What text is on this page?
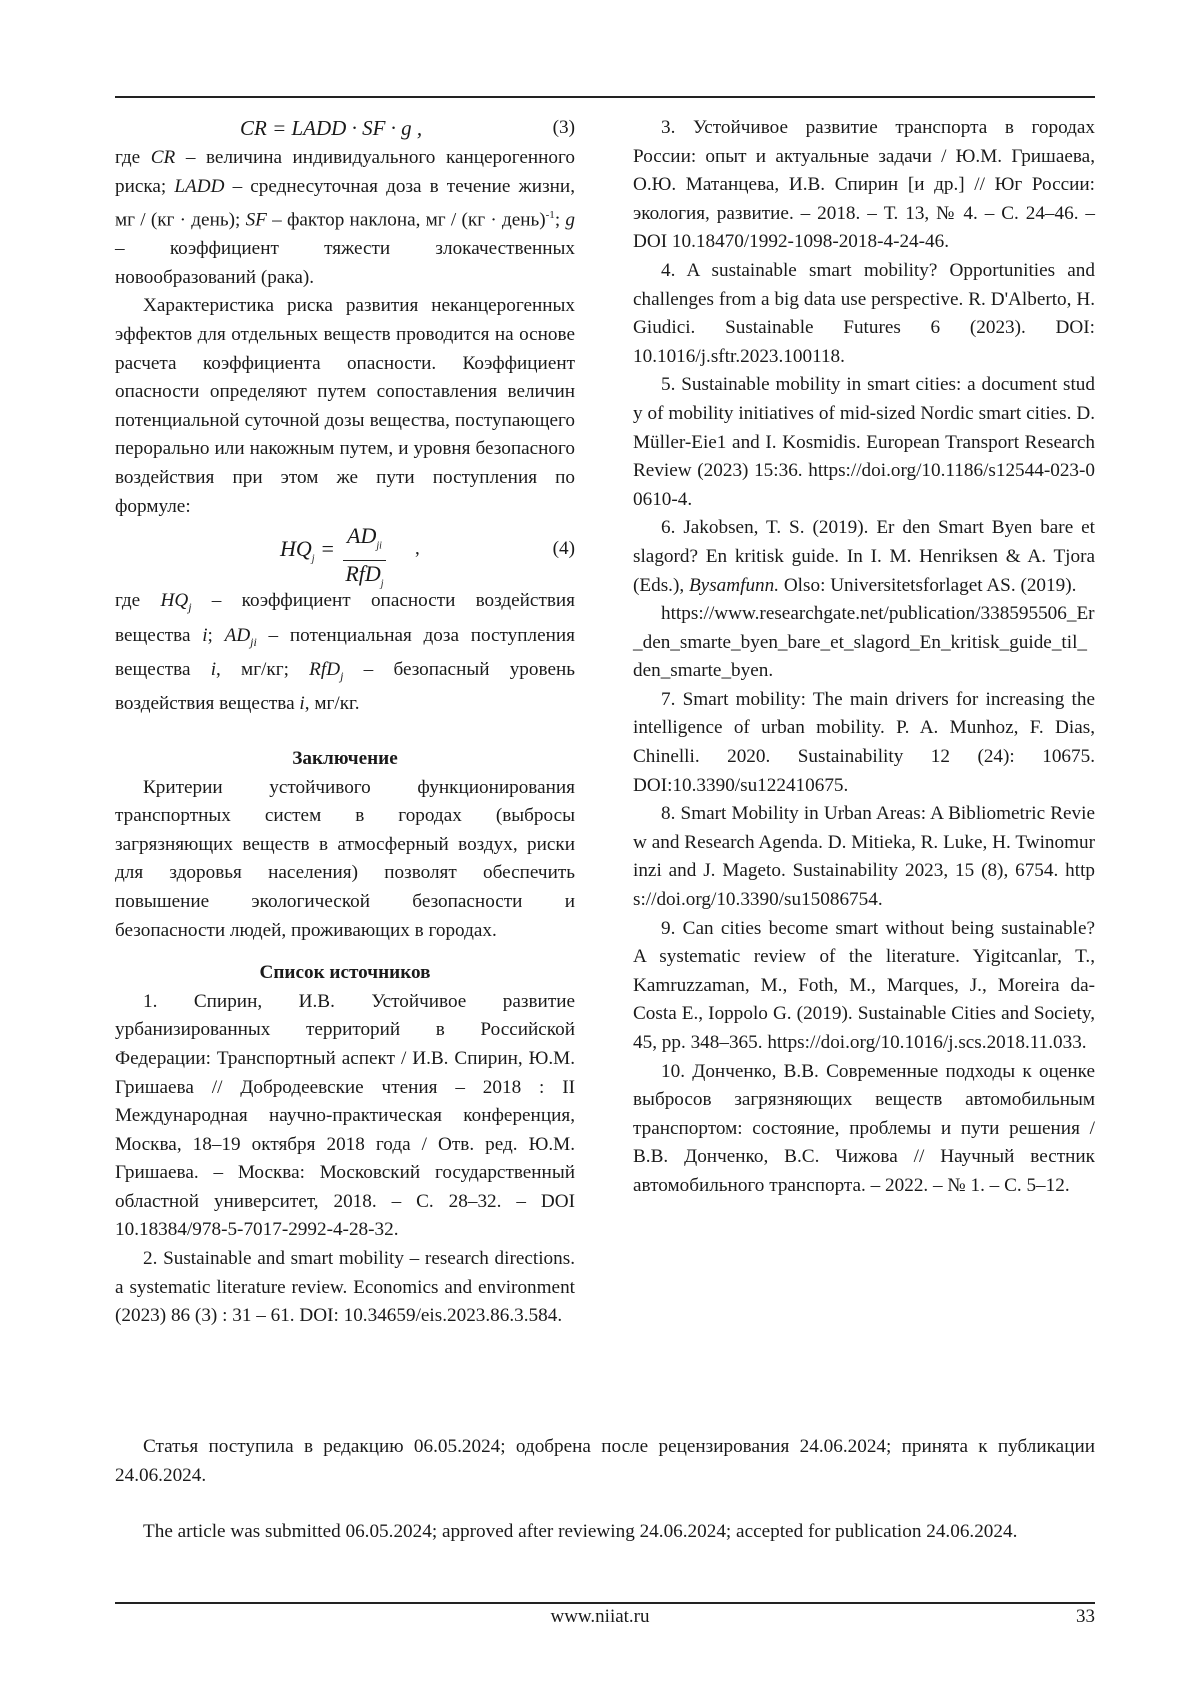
CR = LADD · SF · g ,	(3)

где CR – величина индивидуального канцерогенного риска; LADD – среднесуточная доза в течение жизни, мг / (кг · день); SF – фактор наклона, мг / (кг · день)$^{-1}$; g – коэффициент тяжести злокачественных новообразований (рака).

Характеристика риска развития неканцерогенных эффектов для отдельных веществ проводится на основе расчета коэффициента опасности. Коэффициент опасности определяют путем сопоставления величин потенциальной суточной дозы вещества, поступающего перорально или накожным путем, и уровня безопасного воздействия при этом же пути поступления по формуле:

$HQ_j$ =
$AD_{ji}$
RfD$_j$
,	(4)

где $HQ_j$ – коэффициент опасности воздействия вещества i; $AD_{ji}$ – потенциальная доза поступления вещества i, мг/кг; RfD$_j$ – безопасный уровень воздействия вещества i, мг/кг.

Заключение

Критерии устойчивого функционирования транспортных систем в городах (выбросы загрязняющих веществ в атмосферный воздух, риски для здоровья населения) позволят обеспечить повышение экологической безопасности и безопасности людей, проживающих в городах.

Список источников

1. Спирин, И.В. Устойчивое развитие урбанизированных территорий в Российской Федерации: Транспортный аспект / И.В. Спирин, Ю.М. Гришаева // Добродеевские чтения – 2018 : II Международная научно-практическая конференция, Москва, 18–19 октября 2018 года / Отв. ред. Ю.М. Гришаева. – Москва: Московский государственный областной университет, 2018. – С. 28–32. – DOI 10.18384/978-5-7017-2992-4-28-32.

2. Sustainable and smart mobility – research directions. a systematic literature review. Economics and environment (2023) 86 (3) : 31 – 61. DOI: 10.34659/eis.2023.86.3.584.

3. Устойчивое развитие транспорта в городах России: опыт и актуальные задачи / Ю.М. Гришаева, О.Ю. Матанцева, И.В. Спирин [и др.] // Юг России: экология, развитие. – 2018. – Т. 13, № 4. – С. 24–46. – DOI 10.18470/1992-1098-2018-4-24-46.

4. A sustainable smart mobility? Opportunities and challenges from a big data use perspective. R. D'Alberto, H. Giudici. Sustainable Futures 6 (2023). DOI: 10.1016/j.sftr.2023.100118.

5. Sustainable mobility in smart cities: a document study of mobility initiatives of mid-sized Nordic smart cities. D. Müller-Eie1 and I. Kosmidis. European Transport Research Review (2023) 15:36. https://doi.org/10.1186/s12544-023-00610-4.

6. Jakobsen, T. S. (2019). Er den Smart Byen bare et slagord? En kritisk guide. In I. M. Henriksen & A. Tjora (Eds.), Bysamfunn. Olso: Universitetsforlaget AS. (2019).

https://www.researchgate.net/publication/338595506_Er_den_smarte_byen_bare_et_slagord_En_kritisk_guide_til_den_smarte_byen.

7. Smart mobility: The main drivers for increasing the intelligence of urban mobility. P. A. Munhoz, F. Dias, Chinelli. 2020. Sustainability 12 (24): 10675. DOI:10.3390/su122410675.

8. Smart Mobility in Urban Areas: A Bibliometric Review and Research Agenda. D. Mitieka, R. Luke, H. Twinomurinzi and J. Mageto. Sustainability 2023, 15 (8), 6754. https://doi.org/10.3390/su15086754.

9. Can cities become smart without being sustainable? A systematic review of the literature. Yigitcanlar, T., Kamruzzaman, M., Foth, M., Marques, J., Moreira da-Costa E., Ioppolo G. (2019). Sustainable Cities and Society, 45, pp. 348–365. https://doi.org/10.1016/j.scs.2018.11.033.

10. Донченко, В.В. Современные подходы к оценке выбросов загрязняющих веществ автомобильным транспортом: состояние, проблемы и пути решения / В.В. Донченко, В.С. Чижова // Научный вестник автомобильного транспорта. – 2022. – № 1. – С. 5–12.

Статья поступила в редакцию 06.05.2024; одобрена после рецензирования 24.06.2024; принята к публикации 24.06.2024.

The article was submitted 06.05.2024; approved after reviewing 24.06.2024; accepted for publication 24.06.2024.

www.niiat.ru	33
